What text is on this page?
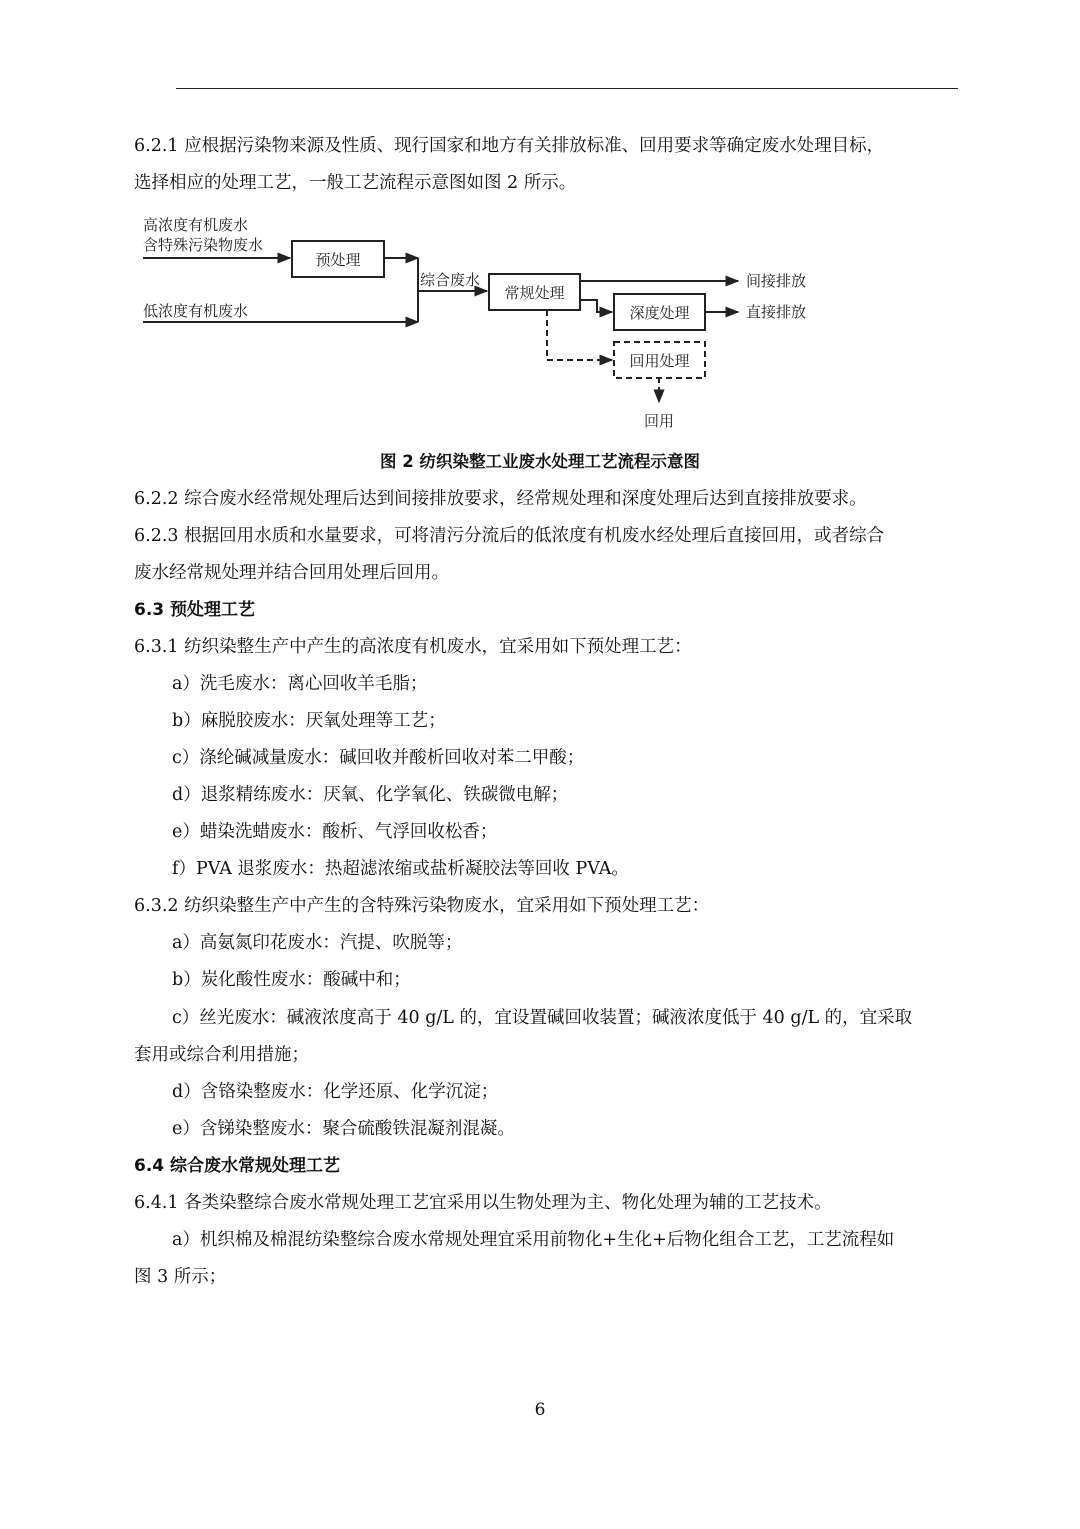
6.2.1 应根据污染物来源及性质、现行国家和地方有关排放标准、回用要求等确定废水处理目标，
选择相应的处理工艺，一般工艺流程示意图如图 2 所示。
高浓度有机废水
含特殊污染物废水
低浓度有机废水
预处理
综合废水
常规处理
间接排放
深度处理	直接排放
回用处理
回用
图 2 纺织染整工业废水处理工艺流程示意图
6.2.2 综合废水经常规处理后达到间接排放要求，经常规处理和深度处理后达到直接排放要求。
6.2.3 根据回用水质和水量要求，可将清污分流后的低浓度有机废水经处理后直接回用，或者综合
废水经常规处理并结合回用处理后回用。
6.3 预处理工艺
6.3.1 纺织染整生产中产生的高浓度有机废水，宜采用如下预处理工艺：
a）洗毛废水：离心回收羊毛脂；
b）麻脱胶废水：厌氧处理等工艺；
c）涤纶碱减量废水：碱回收并酸析回收对苯二甲酸；
d）退浆精练废水：厌氧、化学氧化、铁碳微电解；
e）蜡染洗蜡废水：酸析、气浮回收松香；
f）PVA 退浆废水：热超滤浓缩或盐析凝胶法等回收 PVA。
6.3.2 纺织染整生产中产生的含特殊污染物废水，宜采用如下预处理工艺：
a）高氨氮印花废水：汽提、吹脱等；
b）炭化酸性废水：酸碱中和；
c）丝光废水：碱液浓度高于 40 g/L 的，宜设置碱回收装置；碱液浓度低于 40 g/L 的，宜采取
套用或综合利用措施；
d）含铬染整废水：化学还原、化学沉淀；
e）含锑染整废水：聚合硫酸铁混凝剂混凝。
6.4 综合废水常规处理工艺
6.4.1 各类染整综合废水常规处理工艺宜采用以生物处理为主、物化处理为辅的工艺技术。
a）机织棉及棉混纺染整综合废水常规处理宜采用前物化+生化+后物化组合工艺，工艺流程如
图 3 所示；
6
